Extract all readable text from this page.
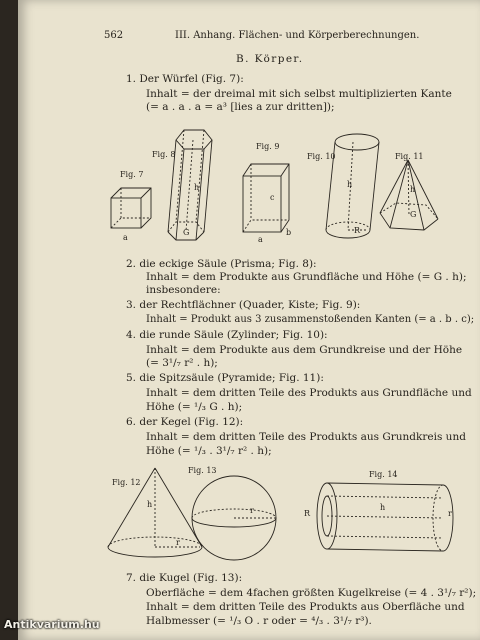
562	III. Anhang. Flächen- und Körperberechnungen.
B. Körper.
1. Der Würfel (Fig. 7):
Inhalt = der dreimal mit sich selbst multiplizierten Kante
(= a . a . a = a³ [lies a zur dritten]);
Fig. 7
a
Fig. 8
h
G
Fig. 9
c
b
a
Fig. 10
h
R
Fig. 11
h
G
2. die eckige Säule (Prisma; Fig. 8):
Inhalt = dem Produkte aus Grundfläche und Höhe (= G . h);
insbesondere:
3. der Rechtflächner (Quader, Kiste; Fig. 9):
Inhalt = Produkt aus 3 zusammenstoßenden Kanten (= a . b . c);
4. die runde Säule (Zylinder; Fig. 10):
Inhalt = dem Produkte aus dem Grundkreise und der Höhe
(= 3¹/₇ r² . h);
5. die Spitzsäule (Pyramide; Fig. 11):
Inhalt = dem dritten Teile des Produkts aus Grundfläche und
Höhe (= ¹/₃ G . h);
6. der Kegel (Fig. 12):
Inhalt = dem dritten Teile des Produkts aus Grundkreis und
Höhe (= ¹/₃ . 3¹/₇ r² . h);
Fig. 12
h
r
Fig. 13
r
Fig. 14
R
h
r
7. die Kugel (Fig. 13):
Oberfläche = dem 4fachen größten Kugelkreise (= 4 . 3¹/₇ r²);
Inhalt = dem dritten Teile des Produkts aus Oberfläche und
Halbmesser (= ¹/₃ O . r oder = ⁴/₃ . 3¹/₇ r³).
Antikvarium.hu
